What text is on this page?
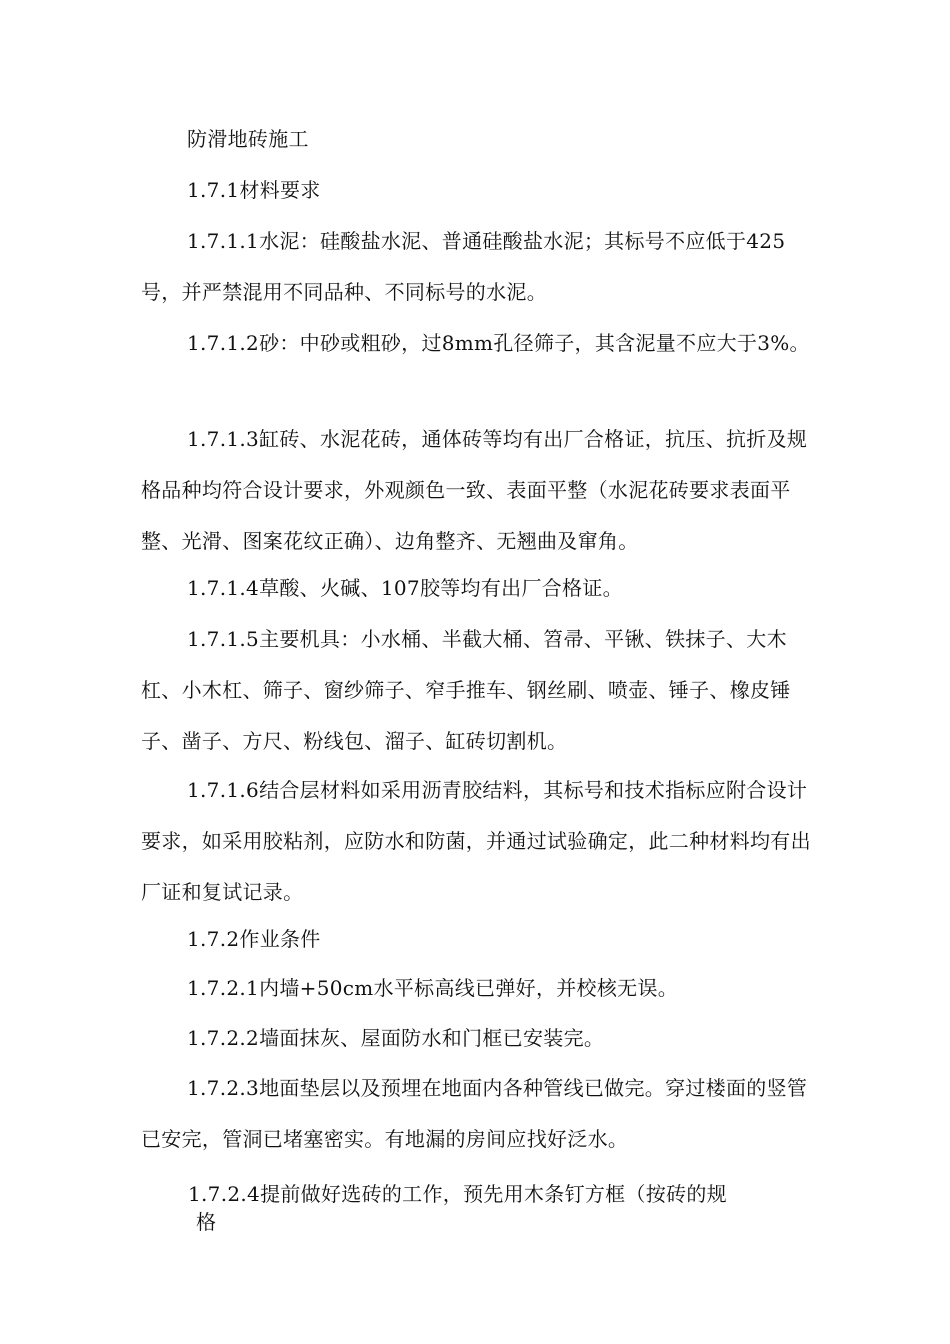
防滑地砖施工

1.7.1材料要求

1.7.1.1水泥：硅酸盐水泥、普通硅酸盐水泥；其标号不应低于425号，并严禁混用不同品种、不同标号的水泥。

1.7.1.2砂：中砂或粗砂，过8mm孔径筛子，其含泥量不应大于3%。

1.7.1.3缸砖、水泥花砖，通体砖等均有出厂合格证，抗压、抗折及规格品种均符合设计要求，外观颜色一致、表面平整（水泥花砖要求表面平整、光滑、图案花纹正确）、边角整齐、无翘曲及窜角。

1.7.1.4草酸、火碱、107胶等均有出厂合格证。

1.7.1.5主要机具：小水桶、半截大桶、笤帚、平锹、铁抹子、大木杠、小木杠、筛子、窗纱筛子、窄手推车、钢丝刷、喷壶、锤子、橡皮锤子、凿子、方尺、粉线包、溜子、缸砖切割机。

1.7.1.6结合层材料如采用沥青胶结料，其标号和技术指标应附合设计要求，如采用胶粘剂，应防水和防菌，并通过试验确定，此二种材料均有出厂证和复试记录。

1.7.2作业条件

1.7.2.1内墙+50cm水平标高线已弹好，并校核无误。

1.7.2.2墙面抹灰、屋面防水和门框已安装完。

1.7.2.3地面垫层以及预埋在地面内各种管线已做完。穿过楼面的竖管已安完，管洞已堵塞密实。有地漏的房间应找好泛水。

1.7.2.4提前做好选砖的工作，预先用木条钉方框（按砖的规
格
